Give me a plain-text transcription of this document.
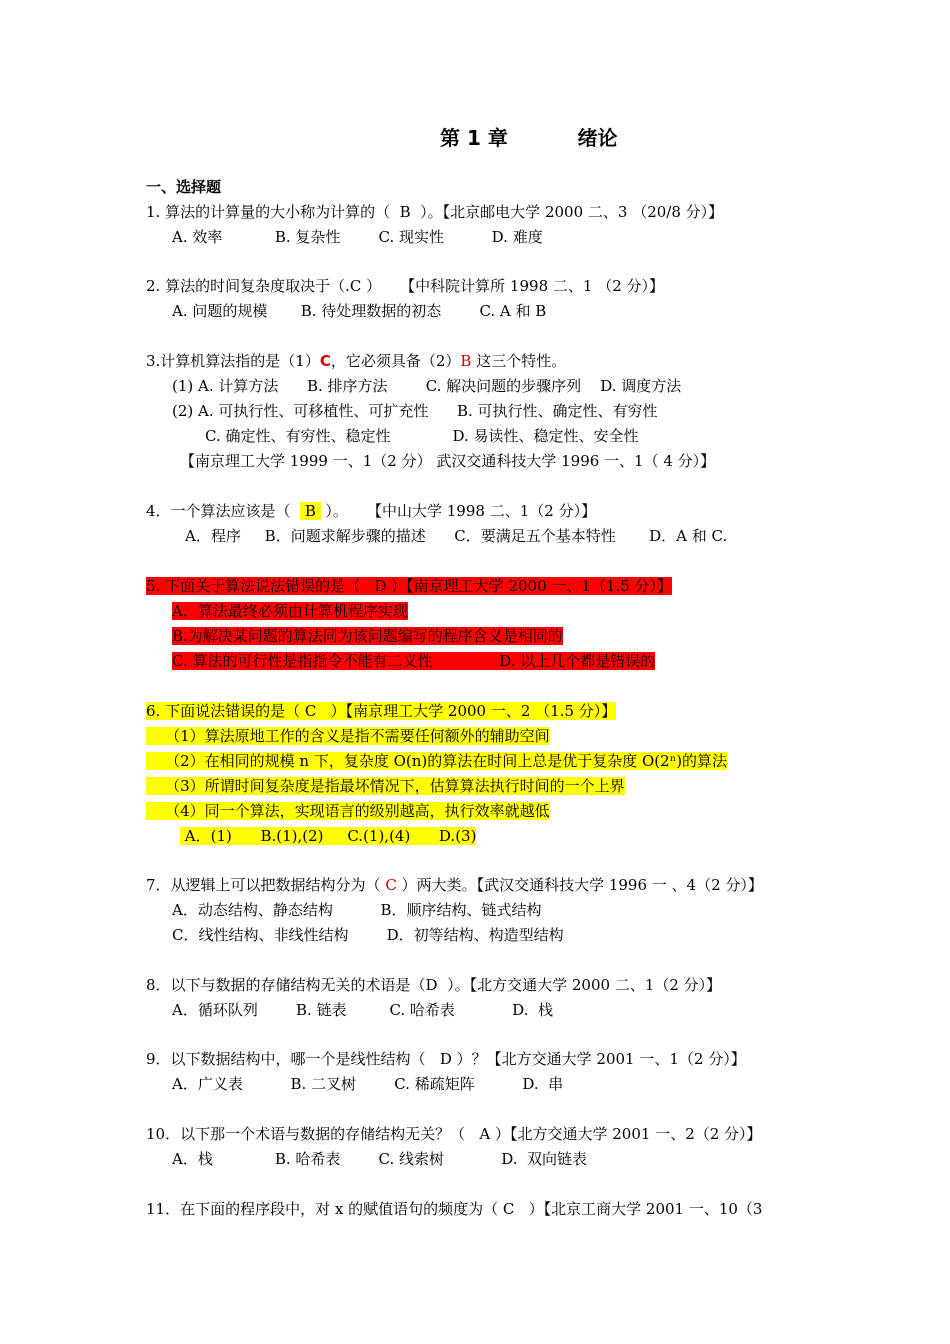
第 1 章          绪论
一、选择题
1. 算法的计算量的大小称为计算的（  B  ）。【北京邮电大学 2000 二、3 （20/8 分）】
A. 效率           B. 复杂性        C. 现实性          D. 难度
2. 算法的时间复杂度取决于（.C ）    【中科院计算所 1998 二、1 （2 分）】
A. 问题的规模       B. 待处理数据的初态        C. A 和 B
3.计算机算法指的是（1）C，它必须具备（2）B 这三个特性。
(1) A. 计算方法      B. 排序方法        C. 解决问题的步骤序列    D. 调度方法
(2) A. 可执行性、可移植性、可扩充性      B. 可执行性、确定性、有穷性
C. 确定性、有穷性、稳定性             D. 易读性、稳定性、安全性
【南京理工大学 1999 一、1（2 分） 武汉交通科技大学 1996 一、1（ 4 分）】
4．一个算法应该是（   B  ）。    【中山大学 1998 二、1（2 分）】
A．程序     B．问题求解步骤的描述      C．要满足五个基本特性       D．A 和 C.
5. 下面关于算法说法错误的是（   D ）【南京理工大学 2000 一、1（1.5 分）】
A．算法最终必须由计算机程序实现
B.为解决某问题的算法同为该问题编写的程序含义是相同的
C. 算法的可行性是指指令不能有二义性              D. 以上几个都是错误的
6. 下面说法错误的是（ C   ）【南京理工大学 2000 一、2 （1.5 分）】
（1）算法原地工作的含义是指不需要任何额外的辅助空间
（2）在相同的规模 n 下，复杂度 O(n)的算法在时间上总是优于复杂度 O(2ⁿ)的算法
（3）所谓时间复杂度是指最坏情况下，估算算法执行时间的一个上界
（4）同一个算法，实现语言的级别越高，执行效率就越低
A．(1)      B.(1),(2)     C.(1),(4)      D.(3)
7．从逻辑上可以把数据结构分为（ C ）两大类。【武汉交通科技大学 1996 一 、4（2 分）】
A．动态结构、静态结构          B．顺序结构、链式结构
C．线性结构、非线性结构        D．初等结构、构造型结构
8．以下与数据的存储结构无关的术语是（D  ）。【北方交通大学 2000 二、1（2 分）】
A．循环队列        B. 链表         C. 哈希表            D.  栈
9．以下数据结构中，哪一个是线性结构（   D ）？【北方交通大学 2001 一、1（2 分）】
A．广义表          B. 二叉树        C. 稀疏矩阵          D.  串
10．以下那一个术语与数据的存储结构无关？（   A ）【北方交通大学 2001 一、2（2 分）】
A．栈             B. 哈希表        C. 线索树            D.  双向链表
11．在下面的程序段中，对 x 的赋值语句的频度为（ C   ）【北京工商大学 2001 一、10（3
